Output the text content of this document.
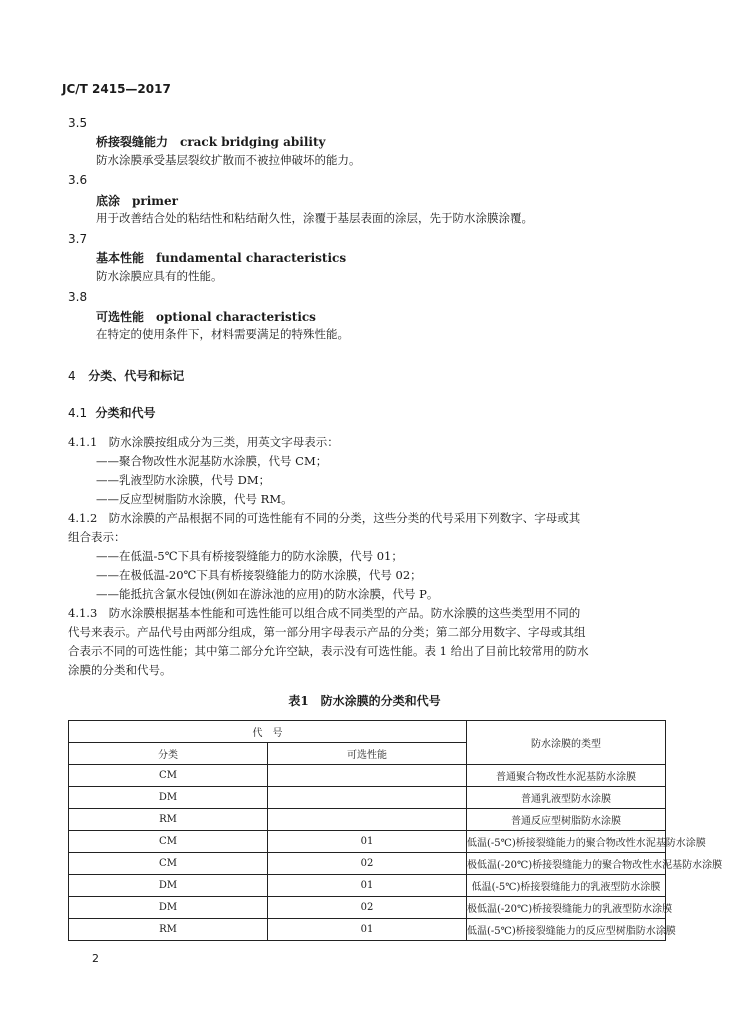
JC/T 2415—2017
3.5
桥接裂缝能力 crack bridging ability
防水涂膜承受基层裂纹扩散而不被拉伸破坏的能力。
3.6
底涂 primer
用于改善结合处的粘结性和粘结耐久性，涂覆于基层表面的涂层，先于防水涂膜涂覆。
3.7
基本性能 fundamental characteristics
防水涂膜应具有的性能。
3.8
可选性能 optional characteristics
在特定的使用条件下，材料需要满足的特殊性能。
4 分类、代号和标记
4.1 分类和代号
4.1.1　防水涂膜按组成分为三类，用英文字母表示：
——聚合物改性水泥基防水涂膜，代号 CM；
——乳液型防水涂膜，代号 DM；
——反应型树脂防水涂膜，代号 RM。
4.1.2　防水涂膜的产品根据不同的可选性能有不同的分类，这些分类的代号采用下列数字、字母或其
组合表示：
——在低温-5℃下具有桥接裂缝能力的防水涂膜，代号 01；
——在极低温-20℃下具有桥接裂缝能力的防水涂膜，代号 02；
——能抵抗含氯水侵蚀(例如在游泳池的应用)的防水涂膜，代号 P。
4.1.3　防水涂膜根据基本性能和可选性能可以组合成不同类型的产品。防水涂膜的这些类型用不同的
代号来表示。产品代号由两部分组成，第一部分用字母表示产品的分类；第二部分用数字、字母或其组
合表示不同的可选性能；其中第二部分允许空缺，表示没有可选性能。表 1 给出了目前比较常用的防水
涂膜的分类和代号。
表1　防水涂膜的分类和代号
代　号		防水涂膜的类型
分类	可选性能	
CM		普通聚合物改性水泥基防水涂膜
DM		普通乳液型防水涂膜
RM		普通反应型树脂防水涂膜
CM	01	低温(-5℃)桥接裂缝能力的聚合物改性水泥基防水涂膜
CM	02	极低温(-20℃)桥接裂缝能力的聚合物改性水泥基防水涂膜
DM	01	低温(-5℃)桥接裂缝能力的乳液型防水涂膜
DM	02	极低温(-20℃)桥接裂缝能力的乳液型防水涂膜
RM	01	低温(-5℃)桥接裂缝能力的反应型树脂防水涂膜
2
